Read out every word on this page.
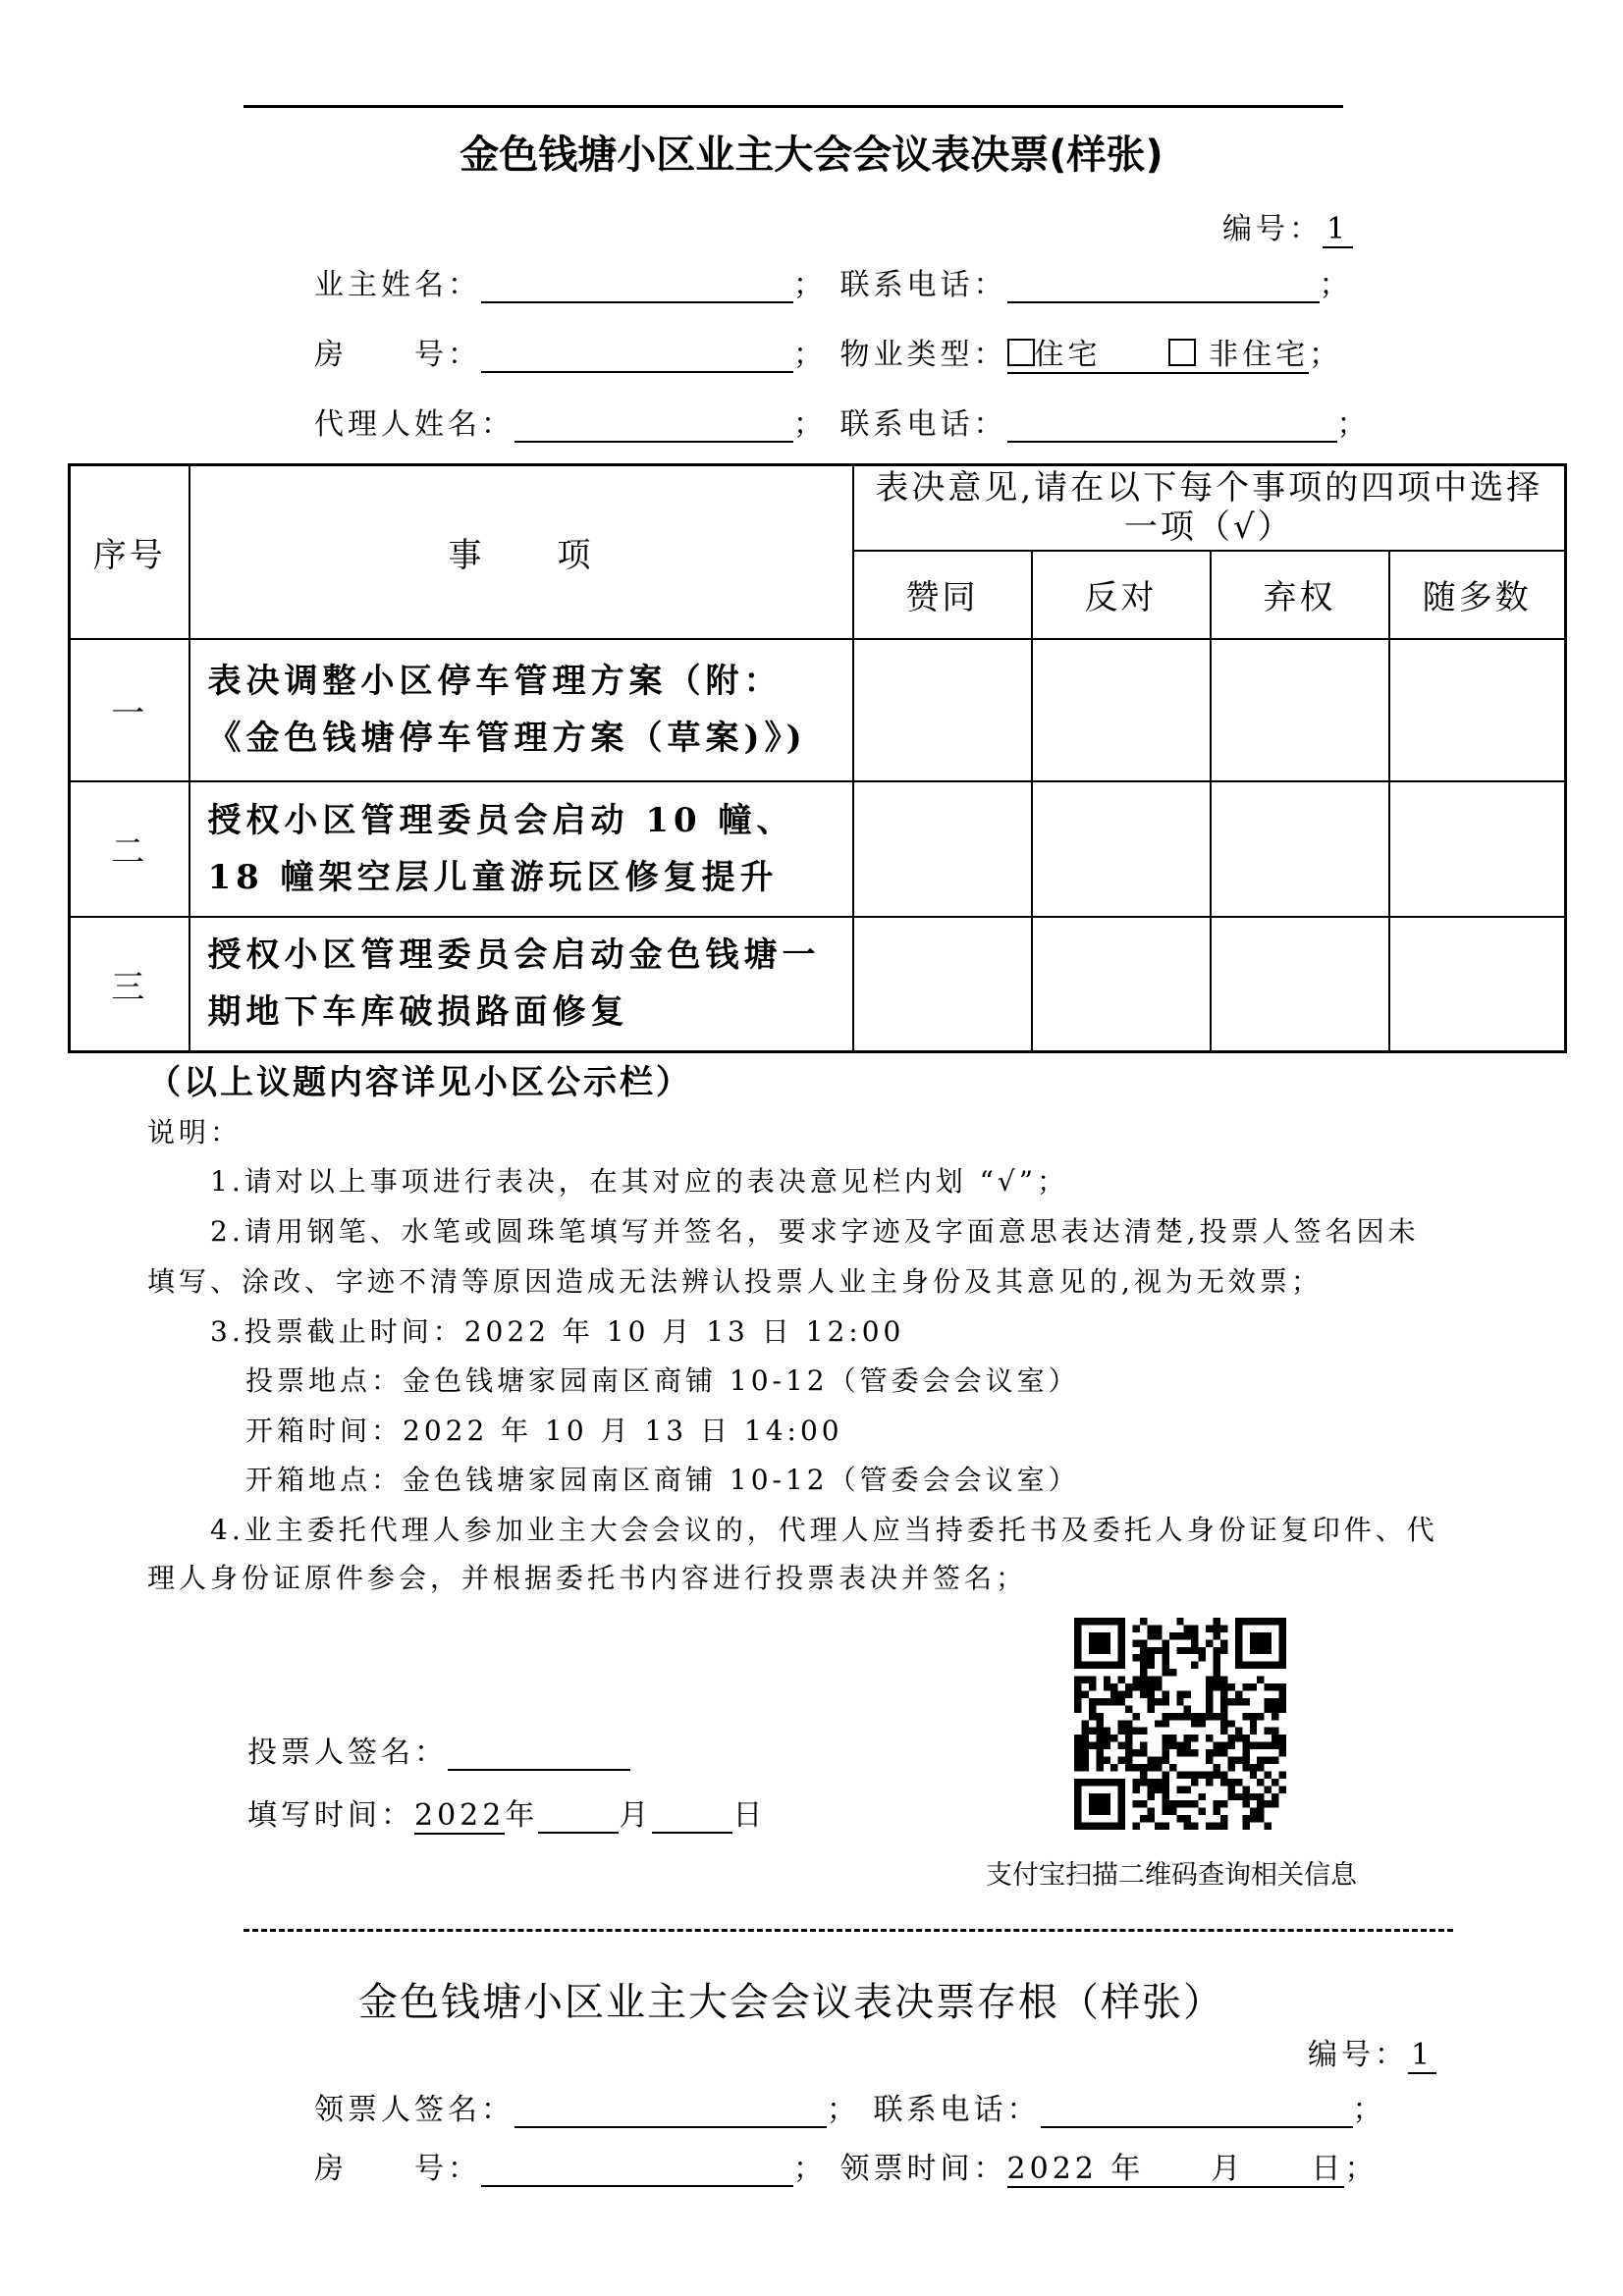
金色钱塘小区业主大会会议表决票(样张)
编号： 1
业主姓名：	； 联系电话：	；
房　　号：	； 物业类型： 住宅　　	非住宅；
代理人姓名：	； 联系电话：	；
序号	事　　项	表决意见,请在以下每个事项的四项中选择一项（√）			
		赞同	反对	弃权	随多数
一	表决调整小区停车管理方案（附：《金色钱塘停车管理方案（草案)》)				
二	授权小区管理委员会启动 10 幢、18 幢架空层儿童游玩区修复提升				
三	授权小区管理委员会启动金色钱塘一期地下车库破损路面修复				
（以上议题内容详见小区公示栏）
说明：
1.请对以上事项进行表决，在其对应的表决意见栏内划 “√”；
2.请用钢笔、水笔或圆珠笔填写并签名，要求字迹及字面意思表达清楚,投票人签名因未
填写、涂改、字迹不清等原因造成无法辨认投票人业主身份及其意见的,视为无效票；
3.投票截止时间：2022 年 10 月 13 日 12:00
投票地点：金色钱塘家园南区商铺 10-12（管委会会议室）
开箱时间：2022 年 10 月 13 日 14:00
开箱地点：金色钱塘家园南区商铺 10-12（管委会会议室）
4.业主委托代理人参加业主大会会议的，代理人应当持委托书及委托人身份证复印件、代
理人身份证原件参会，并根据委托书内容进行投票表决并签名；
投票人签名：
填写时间：2022年	月	日
支付宝扫描二维码查询相关信息
金色钱塘小区业主大会会议表决票存根（样张）
编号： 1
领票人签名：	； 联系电话：	；
房　　号：	； 领票时间：2022 年　　月　　日；
